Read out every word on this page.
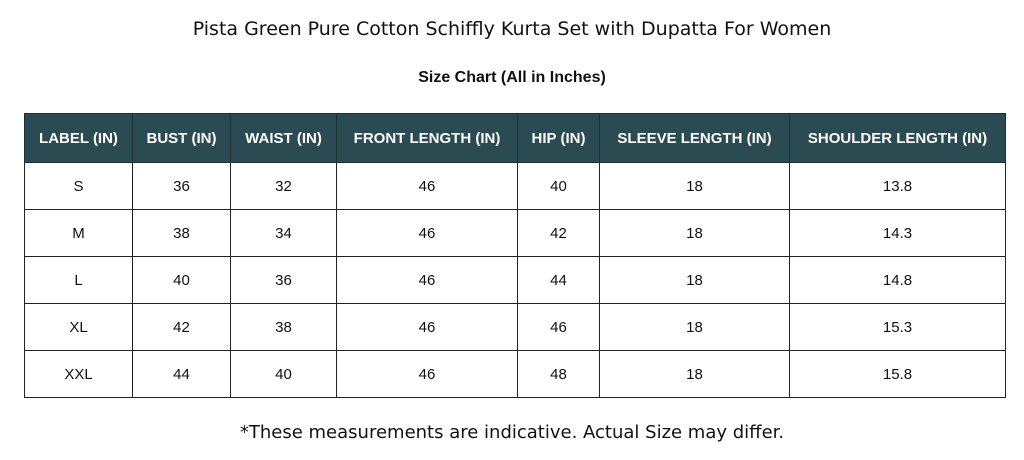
Pista Green Pure Cotton Schiffly Kurta Set with Dupatta For Women
Size Chart (All in Inches)
LABEL (IN)	BUST (IN)	WAIST (IN)	FRONT LENGTH (IN)	HIP (IN)	SLEEVE LENGTH (IN)	SHOULDER LENGTH (IN)
S	36	32	46	40	18	13.8
M	38	34	46	42	18	14.3
L	40	36	46	44	18	14.8
XL	42	38	46	46	18	15.3
XXL	44	40	46	48	18	15.8
*These measurements are indicative. Actual Size may differ.
